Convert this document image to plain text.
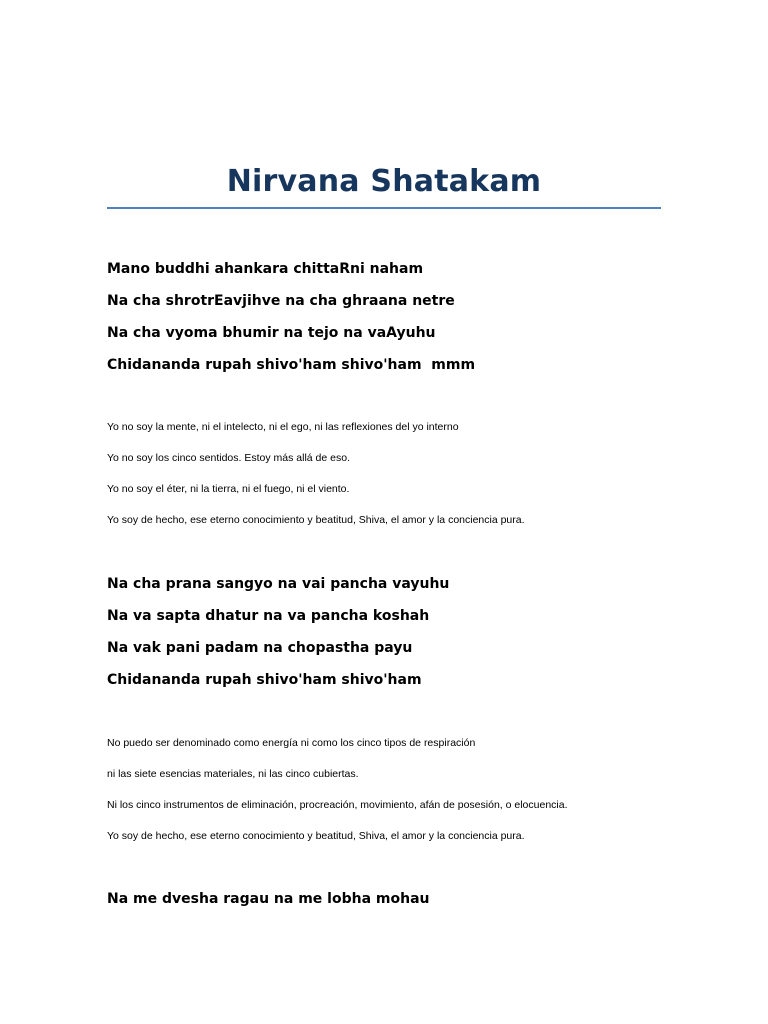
Nirvana Shatakam
Mano buddhi ahankara chittaRni naham
Na cha shrotrEavjihve na cha ghraana netre
Na cha vyoma bhumir na tejo na vaAyuhu
Chidananda rupah shivo'ham shivo'ham  mmm
Yo no soy la mente, ni el intelecto, ni el ego, ni las reflexiones del yo interno
Yo no soy los cinco sentidos. Estoy más allá de eso.
Yo no soy el éter, ni la tierra, ni el fuego, ni el viento.
Yo soy de hecho, ese eterno conocimiento y beatitud, Shiva, el amor y la conciencia pura.
Na cha prana sangyo na vai pancha vayuhu
Na va sapta dhatur na va pancha koshah
Na vak pani padam na chopastha payu
Chidananda rupah shivo'ham shivo'ham
No puedo ser denominado como energía ni como los cinco tipos de respiración
ni las siete esencias materiales, ni las cinco cubiertas.
Ni los cinco instrumentos de eliminación, procreación, movimiento, afán de posesión, o elocuencia.
Yo soy de hecho, ese eterno conocimiento y beatitud, Shiva, el amor y la conciencia pura.
Na me dvesha ragau na me lobha mohau
